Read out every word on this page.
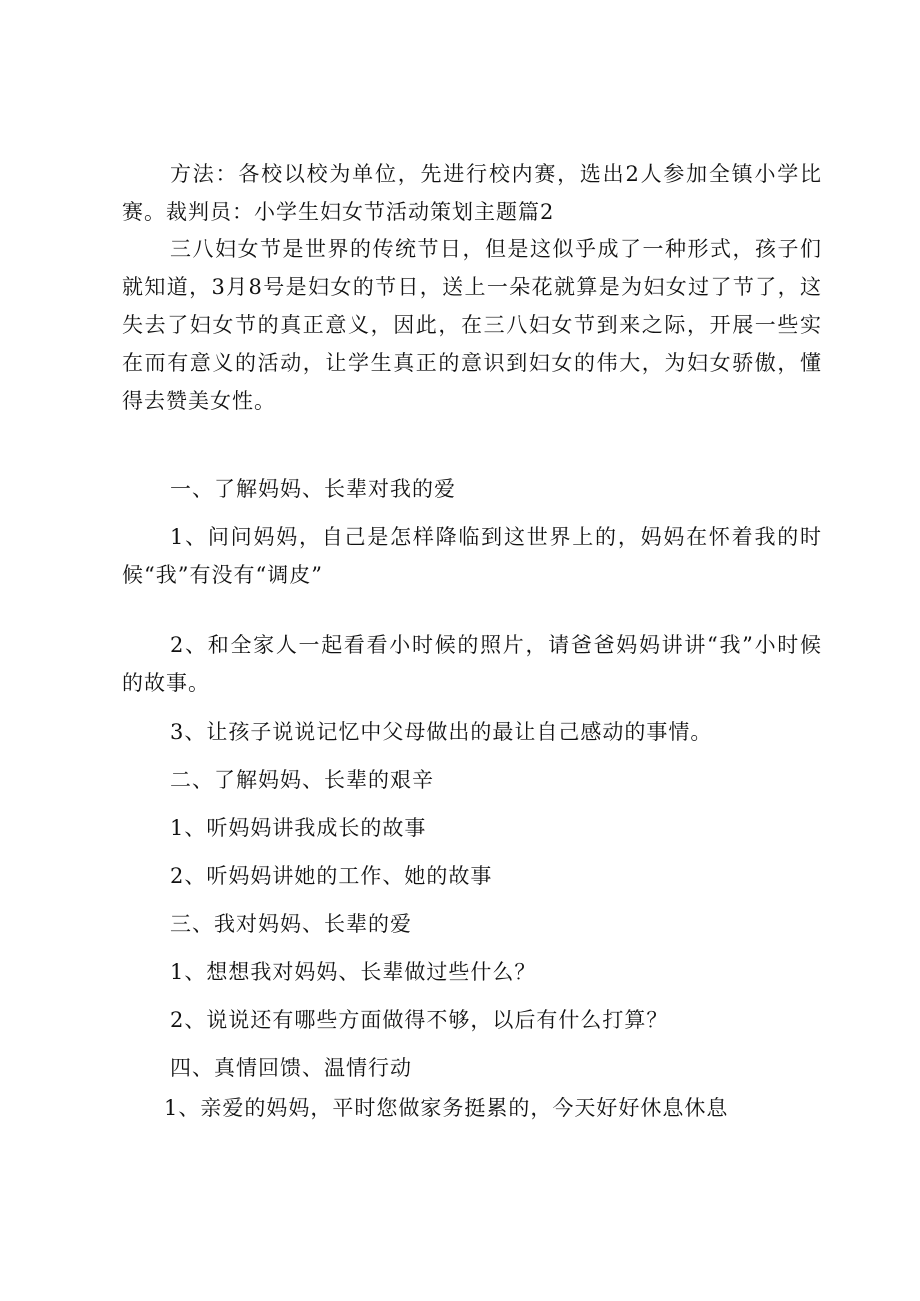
方法：各校以校为单位，先进行校内赛，选出2人参加全镇小学比赛。裁判员：小学生妇女节活动策划主题篇2

三八妇女节是世界的传统节日，但是这似乎成了一种形式，孩子们就知道，3月8号是妇女的节日，送上一朵花就算是为妇女过了节了，这失去了妇女节的真正意义，因此，在三八妇女节到来之际，开展一些实在而有意义的活动，让学生真正的意识到妇女的伟大，为妇女骄傲，懂得去赞美女性。

一、了解妈妈、长辈对我的爱

1、问问妈妈，自己是怎样降临到这世界上的，妈妈在怀着我的时候“我”有没有“调皮”

2、和全家人一起看看小时候的照片，请爸爸妈妈讲讲“我”小时候的故事。

3、让孩子说说记忆中父母做出的最让自己感动的事情。

二、了解妈妈、长辈的艰辛

1、听妈妈讲我成长的故事

2、听妈妈讲她的工作、她的故事

三、我对妈妈、长辈的爱

1、想想我对妈妈、长辈做过些什么？

2、说说还有哪些方面做得不够，以后有什么打算？

四、真情回馈、温情行动

1、亲爱的妈妈，平时您做家务挺累的，今天好好休息休息
